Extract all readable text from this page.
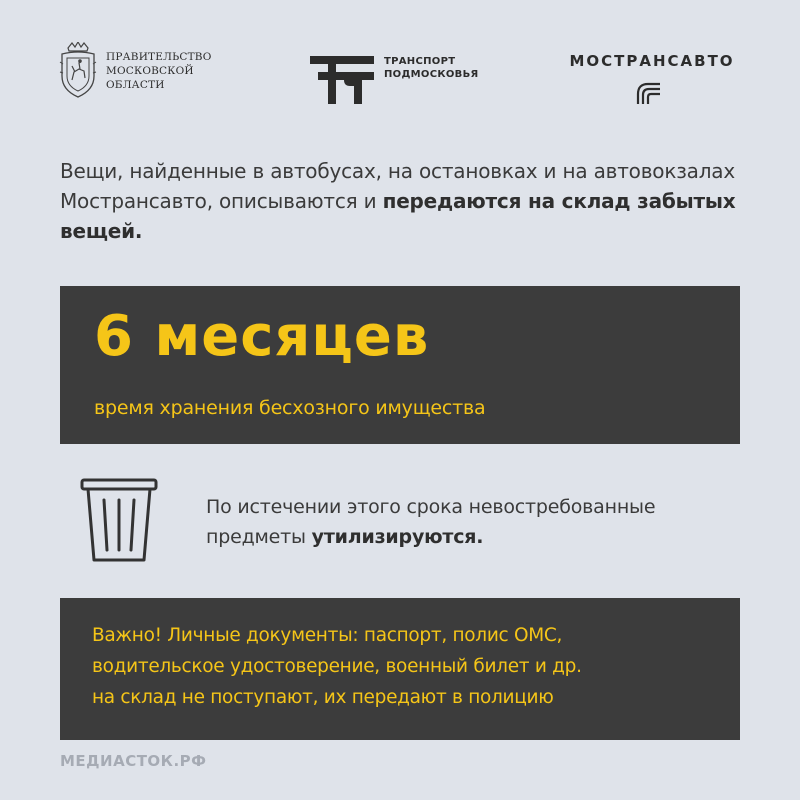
ПРАВИТЕЛЬСТВО
МОСКОВСКОЙ
ОБЛАСТИ
ТРАНСПОРТ
ПОДМОСКОВЬЯ
МОСТРАНСАВТО
Вещи, найденные в автобусах, на остановках и на автовокзалах Мострансавто, описываются и передаются на склад забытых вещей.
6 месяцев
время хранения бесхозного имущества
По истечении этого срока невостребованные предметы утилизируются.
Важно! Личные документы: паспорт, полис ОМС,
водительское удостоверение, военный билет и др.
на склад не поступают, их передают в полицию
МЕДИАСТОК.РФ
